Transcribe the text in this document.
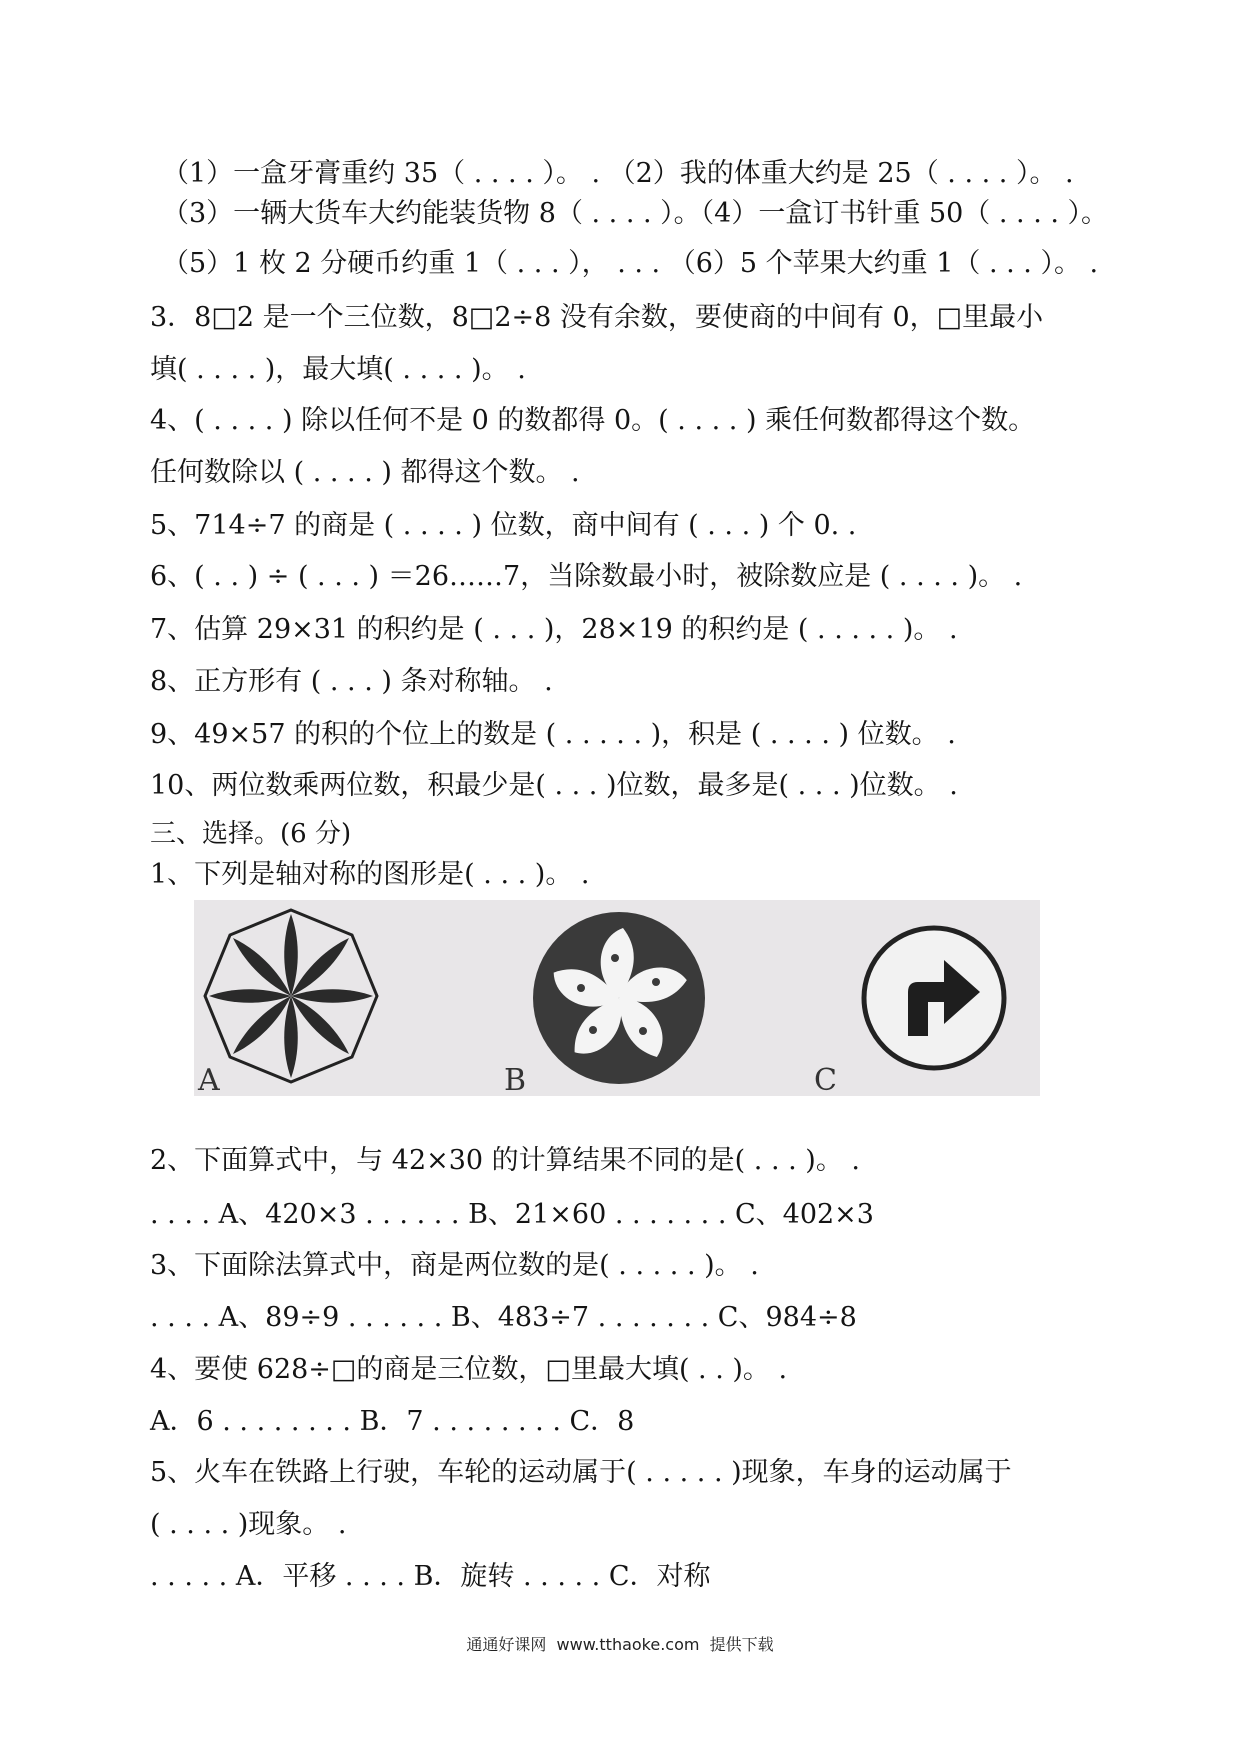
（1）一盒牙膏重约 35（ . . . . ）。 . （2）我的体重大约是 25（ . . . . ）。 .
（3）一辆大货车大约能装货物 8（ . . . . ）。（4）一盒订书针重 50（ . . . . ）。
（5）1 枚 2 分硬币约重 1（ . . . ）， . . . （6）5 个苹果大约重 1（ . . . ）。 .
3．8□2 是一个三位数，8□2÷8 没有余数，要使商的中间有 0，□里最小
填( . . . . )，最大填( . . . . )。 .
4、( . . . . ) 除以任何不是 0 的数都得 0。( . . . . ) 乘任何数都得这个数。
任何数除以 ( . . . . ) 都得这个数。 .
5、714÷7 的商是 ( . . . . ) 位数，商中间有 ( . . . ) 个 0. .
6、( . . ) ÷ ( . . . ) ＝26……7，当除数最小时，被除数应是 ( . . . . )。 .
7、估算 29×31 的积约是 ( . . . )，28×19 的积约是 ( . . . . . )。 .
8、正方形有 ( . . . ) 条对称轴。 .
9、49×57 的积的个位上的数是 ( . . . . . )，积是 ( . . . . ) 位数。 .
10、两位数乘两位数，积最少是( . . . )位数，最多是( . . . )位数。 .
三、选择。(6 分)
1、下列是轴对称的图形是( . . . )。 .
A	B	C
2、下面算式中，与 42×30 的计算结果不同的是( . . . )。 .
. . . . A、420×3 . . . . . . B、21×60 . . . . . . . C、402×3
3、下面除法算式中，商是两位数的是( . . . . . )。 .
. . . . A、89÷9 . . . . . . B、483÷7 . . . . . . . C、984÷8
4、要使 628÷□的商是三位数，□里最大填( . . )。 .
A．6 . . . . . . . . B．7 . . . . . . . . C．8
5、火车在铁路上行驶，车轮的运动属于( . . . . . )现象，车身的运动属于
( . . . . )现象。 .
. . . . . A．平移 . . . . B．旋转 . . . . . C．对称
通通好课网  www.tthaoke.com  提供下载
